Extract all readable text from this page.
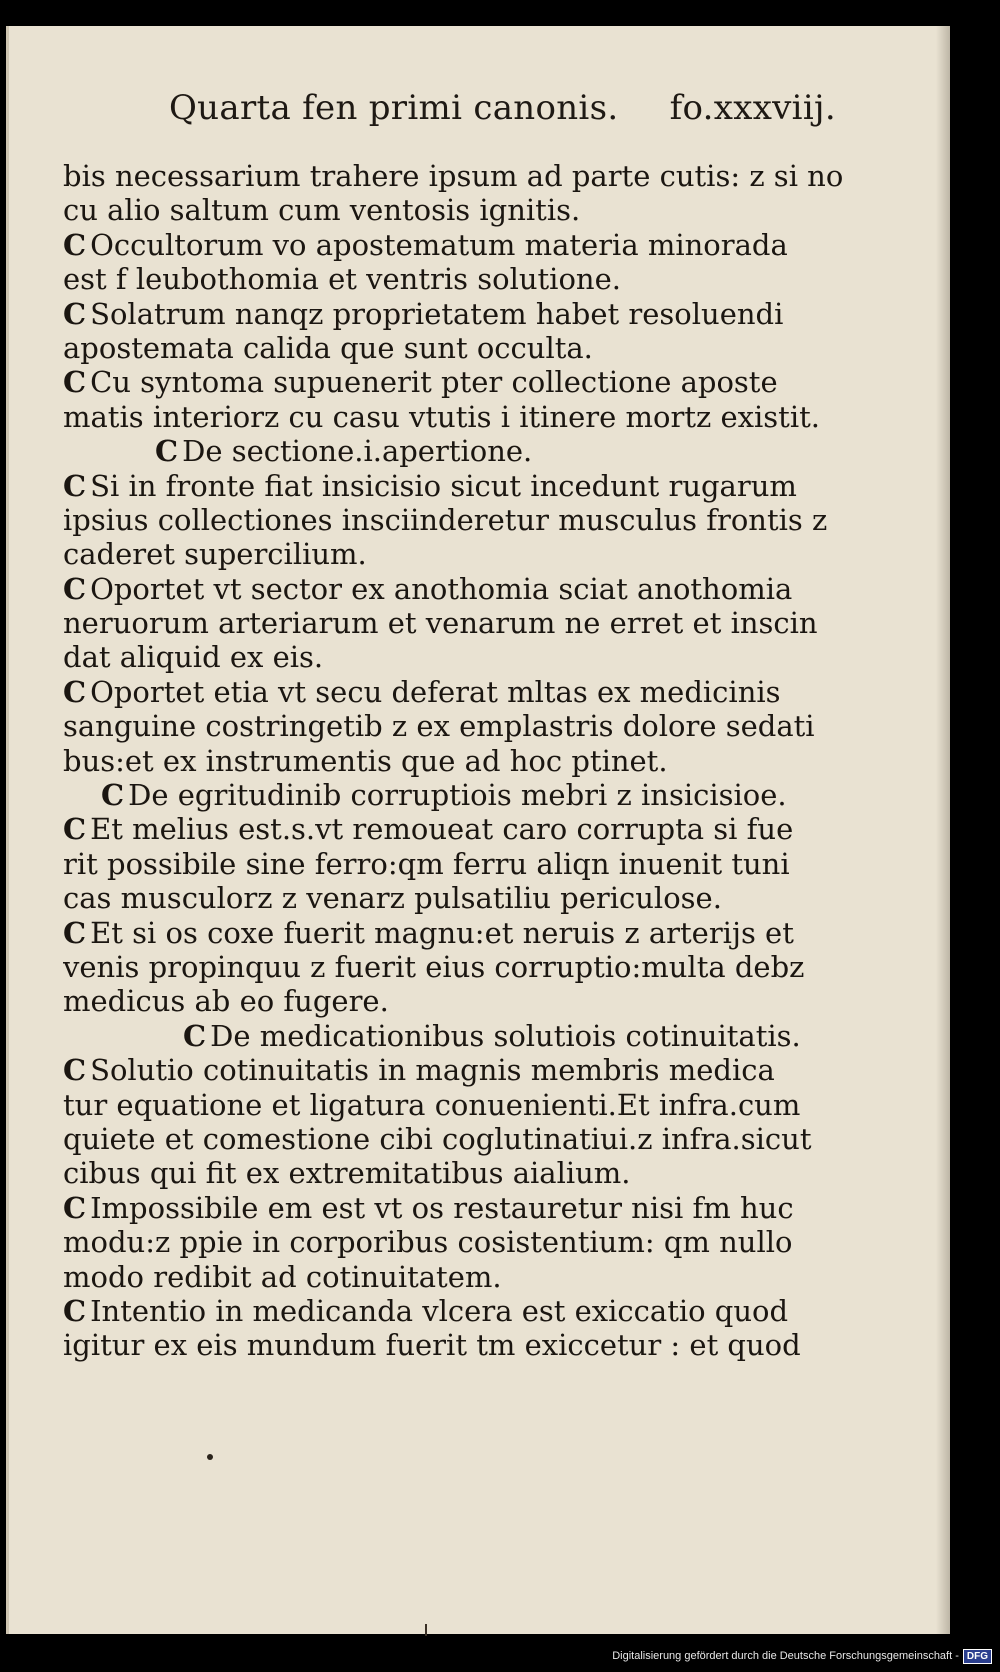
Quarta fen primi canonis. fo.xxxviij.
bis necessarium trahere ipsum ad parte cutis: z si no
cu alio saltum cum ventosis ignitis.
C Occultorum vo apostematum materia minorada
est f leubothomia et ventris solutione.
C Solatrum nanqz proprietatem habet resoluendi
apostemata calida que sunt occulta.
C Cu syntoma supuenerit pter collectione aposte
matis interiorz cu casu vtutis i itinere mortz existit.
C De sectione.i.apertione.
C Si in fronte fiat insicisio sicut incedunt rugarum
ipsius collectiones insciinderetur musculus frontis z
caderet supercilium.
C Oportet vt sector ex anothomia sciat anothomia
neruorum arteriarum et venarum ne erret et inscin
dat aliquid ex eis.
C Oportet etia vt secu deferat mltas ex medicinis
sanguine costringetib z ex emplastris dolore sedati
bus:et ex instrumentis que ad hoc ptinet.
C De egritudinib corruptiois mebri z insicisioe.
C Et melius est.s.vt remoueat caro corrupta si fue
rit possibile sine ferro:qm ferru aliqn inuenit tuni
cas musculorz z venarz pulsatiliu periculose.
C Et si os coxe fuerit magnu:et neruis z arterijs et
venis propinquu z fuerit eius corruptio:multa debz
medicus ab eo fugere.
C De medicationibus solutiois cotinuitatis.
C Solutio cotinuitatis in magnis membris medica
tur equatione et ligatura conuenienti.Et infra.cum
quiete et comestione cibi coglutinatiui.z infra.sicut
cibus qui fit ex extremitatibus aialium.
C Impossibile em est vt os restauretur nisi fm huc
modu:z ppie in corporibus cosistentium: qm nullo
modo redibit ad cotinuitatem.
C Intentio in medicanda vlcera est exiccatio quod
igitur ex eis mundum fuerit tm exiccetur : et quod
Digitalisierung gefördert durch die Deutsche Forschungsgemeinschaft - DFG
